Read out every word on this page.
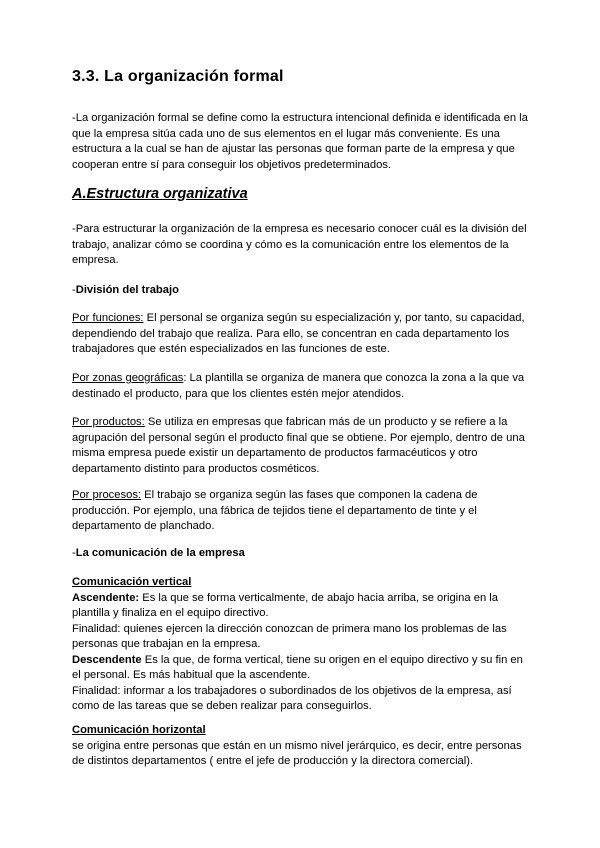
3.3. La organización formal
-La organización formal se define como la estructura intencional definida e identificada en la
que la empresa sitúa cada uno de sus elementos en el lugar más conveniente. Es una
estructura a la cual se han de ajustar las personas que forman parte de la empresa y que
cooperan entre sí para conseguir los objetivos predeterminados.
A.Estructura organizativa
-Para estructurar la organización de la empresa es necesario conocer cuál es la división del
trabajo, analizar cómo se coordina y cómo es la comunicación entre los elementos de la
empresa.
-División del trabajo
Por funciones: El personal se organiza según su especialización y, por tanto, su capacidad,
dependiendo del trabajo que realiza. Para ello, se concentran en cada departamento los
trabajadores que estén especializados en las funciones de este.
Por zonas geográficas: La plantilla se organiza de manera que conozca la zona a la que va
destinado el producto, para que los clientes estén mejor atendidos.
Por productos: Se utiliza en empresas que fabrican más de un producto y se refiere a la
agrupación del personal según el producto final que se obtiene. Por ejemplo, dentro de una
misma empresa puede existir un departamento de productos farmacéuticos y otro
departamento distinto para productos cosméticos.
Por procesos: El trabajo se organiza según las fases que componen la cadena de
producción. Por ejemplo, una fábrica de tejidos tiene el departamento de tinte y el
departamento de planchado.
-La comunicación de la empresa
Comunicación vertical
Ascendente: Es la que se forma verticalmente, de abajo hacia arriba, se origina en la
plantilla y finaliza en el equipo directivo.
Finalidad: quienes ejercen la dirección conozcan de primera mano los problemas de las
personas que trabajan en la empresa.
Descendente Es la que, de forma vertical, tiene su origen en el equipo directivo y su fin en
el personal. Es más habitual que la ascendente.
Finalidad: informar a los trabajadores o subordinados de los objetivos de la empresa, así
como de las tareas que se deben realizar para conseguirlos.
Comunicación horizontal
se origina entre personas que están en un mismo nivel jerárquico, es decir, entre personas
de distintos departamentos ( entre el jefe de producción y la directora comercial).
